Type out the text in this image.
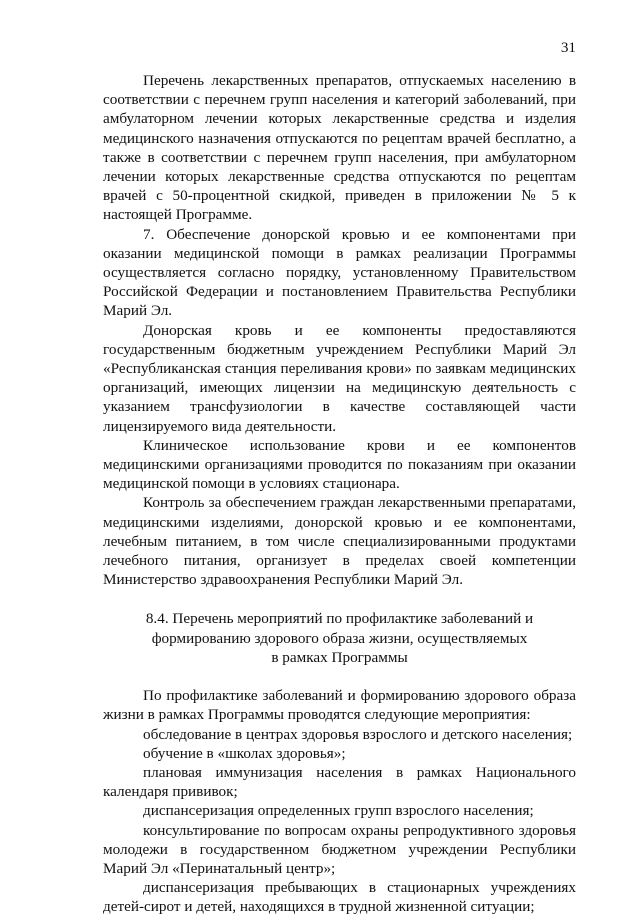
31

Перечень лекарственных препаратов, отпускаемых населению в соответствии с перечнем групп населения и категорий заболеваний, при амбулаторном лечении которых лекарственные средства и изделия медицинского назначения отпускаются по рецептам врачей бесплатно, а также в соответствии с перечнем групп населения, при амбулаторном лечении которых лекарственные средства отпускаются по рецептам врачей с 50-процентной скидкой, приведен в приложении № 5 к настоящей Программе.

7. Обеспечение донорской кровью и ее компонентами при оказании медицинской помощи в рамках реализации Программы осуществляется согласно порядку, установленному Правительством Российской Федерации и постановлением Правительства Республики Марий Эл.

Донорская кровь и ее компоненты предоставляются государственным бюджетным учреждением Республики Марий Эл «Республиканская станция переливания крови» по заявкам медицинских организаций, имеющих лицензии на медицинскую деятельность с указанием трансфузиологии в качестве составляющей части лицензируемого вида деятельности.

Клиническое использование крови и ее компонентов медицинскими организациями проводится по показаниям при оказании медицинской помощи в условиях стационара.

Контроль за обеспечением граждан лекарственными препаратами, медицинскими изделиями, донорской кровью и ее компонентами, лечебным питанием, в том числе специализированными продуктами лечебного питания, организует в пределах своей компетенции Министерство здравоохранения Республики Марий Эл.

8.4. Перечень мероприятий по профилактике заболеваний и
формированию здорового образа жизни, осуществляемых
в рамках Программы

По профилактике заболеваний и формированию здорового образа жизни в рамках Программы проводятся следующие мероприятия:

обследование в центрах здоровья взрослого и детского населения;

обучение в «школах здоровья»;

плановая иммунизация населения в рамках Национального календаря прививок;

диспансеризация определенных групп взрослого населения;

консультирование по вопросам охраны репродуктивного здоровья молодежи в государственном бюджетном учреждении Республики Марий Эл «Перинатальный центр»;

диспансеризация пребывающих в стационарных учреждениях детей-сирот и детей, находящихся в трудной жизненной ситуации;
